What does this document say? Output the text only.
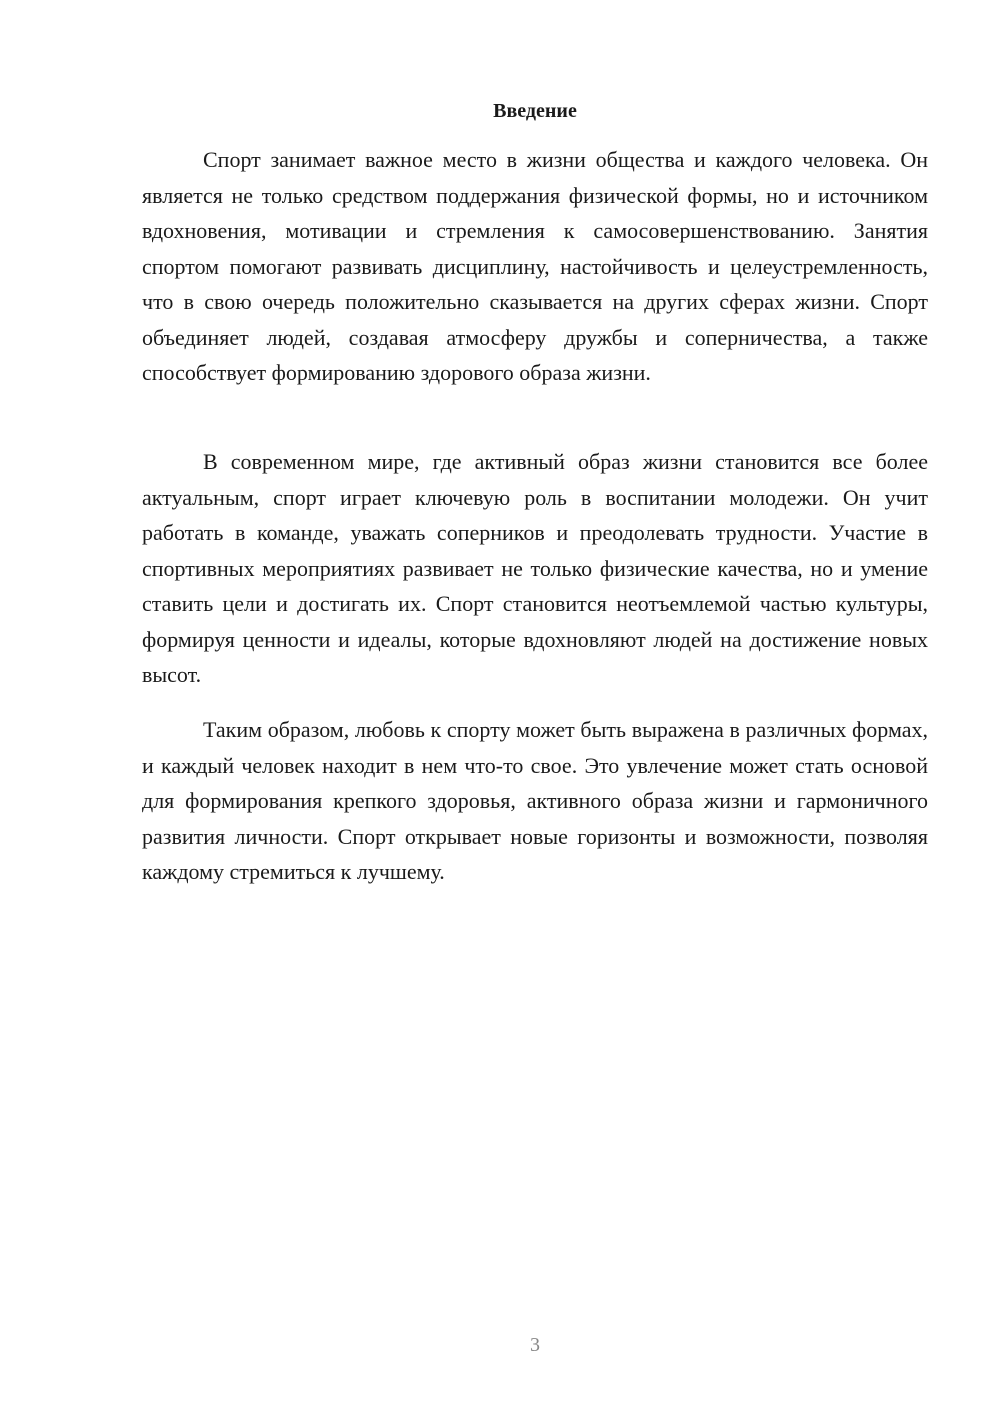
Введение

Спорт занимает важное место в жизни общества и каждого человека. Он является не только средством поддержания физической формы, но и источником вдохновения, мотивации и стремления к самосовершенствованию. Занятия спортом помогают развивать дисциплину, настойчивость и целеустремленность, что в свою очередь положительно сказывается на других сферах жизни. Спорт объединяет людей, создавая атмосферу дружбы и соперничества, а также способствует формированию здорового образа жизни.

В современном мире, где активный образ жизни становится все более актуальным, спорт играет ключевую роль в воспитании молодежи. Он учит работать в команде, уважать соперников и преодолевать трудности. Участие в спортивных мероприятиях развивает не только физические качества, но и умение ставить цели и достигать их. Спорт становится неотъемлемой частью культуры, формируя ценности и идеалы, которые вдохновляют людей на достижение новых высот.

Таким образом, любовь к спорту может быть выражена в различных формах, и каждый человек находит в нем что-то свое. Это увлечение может стать основой для формирования крепкого здоровья, активного образа жизни и гармоничного развития личности. Спорт открывает новые горизонты и возможности, позволяя каждому стремиться к лучшему.

3
